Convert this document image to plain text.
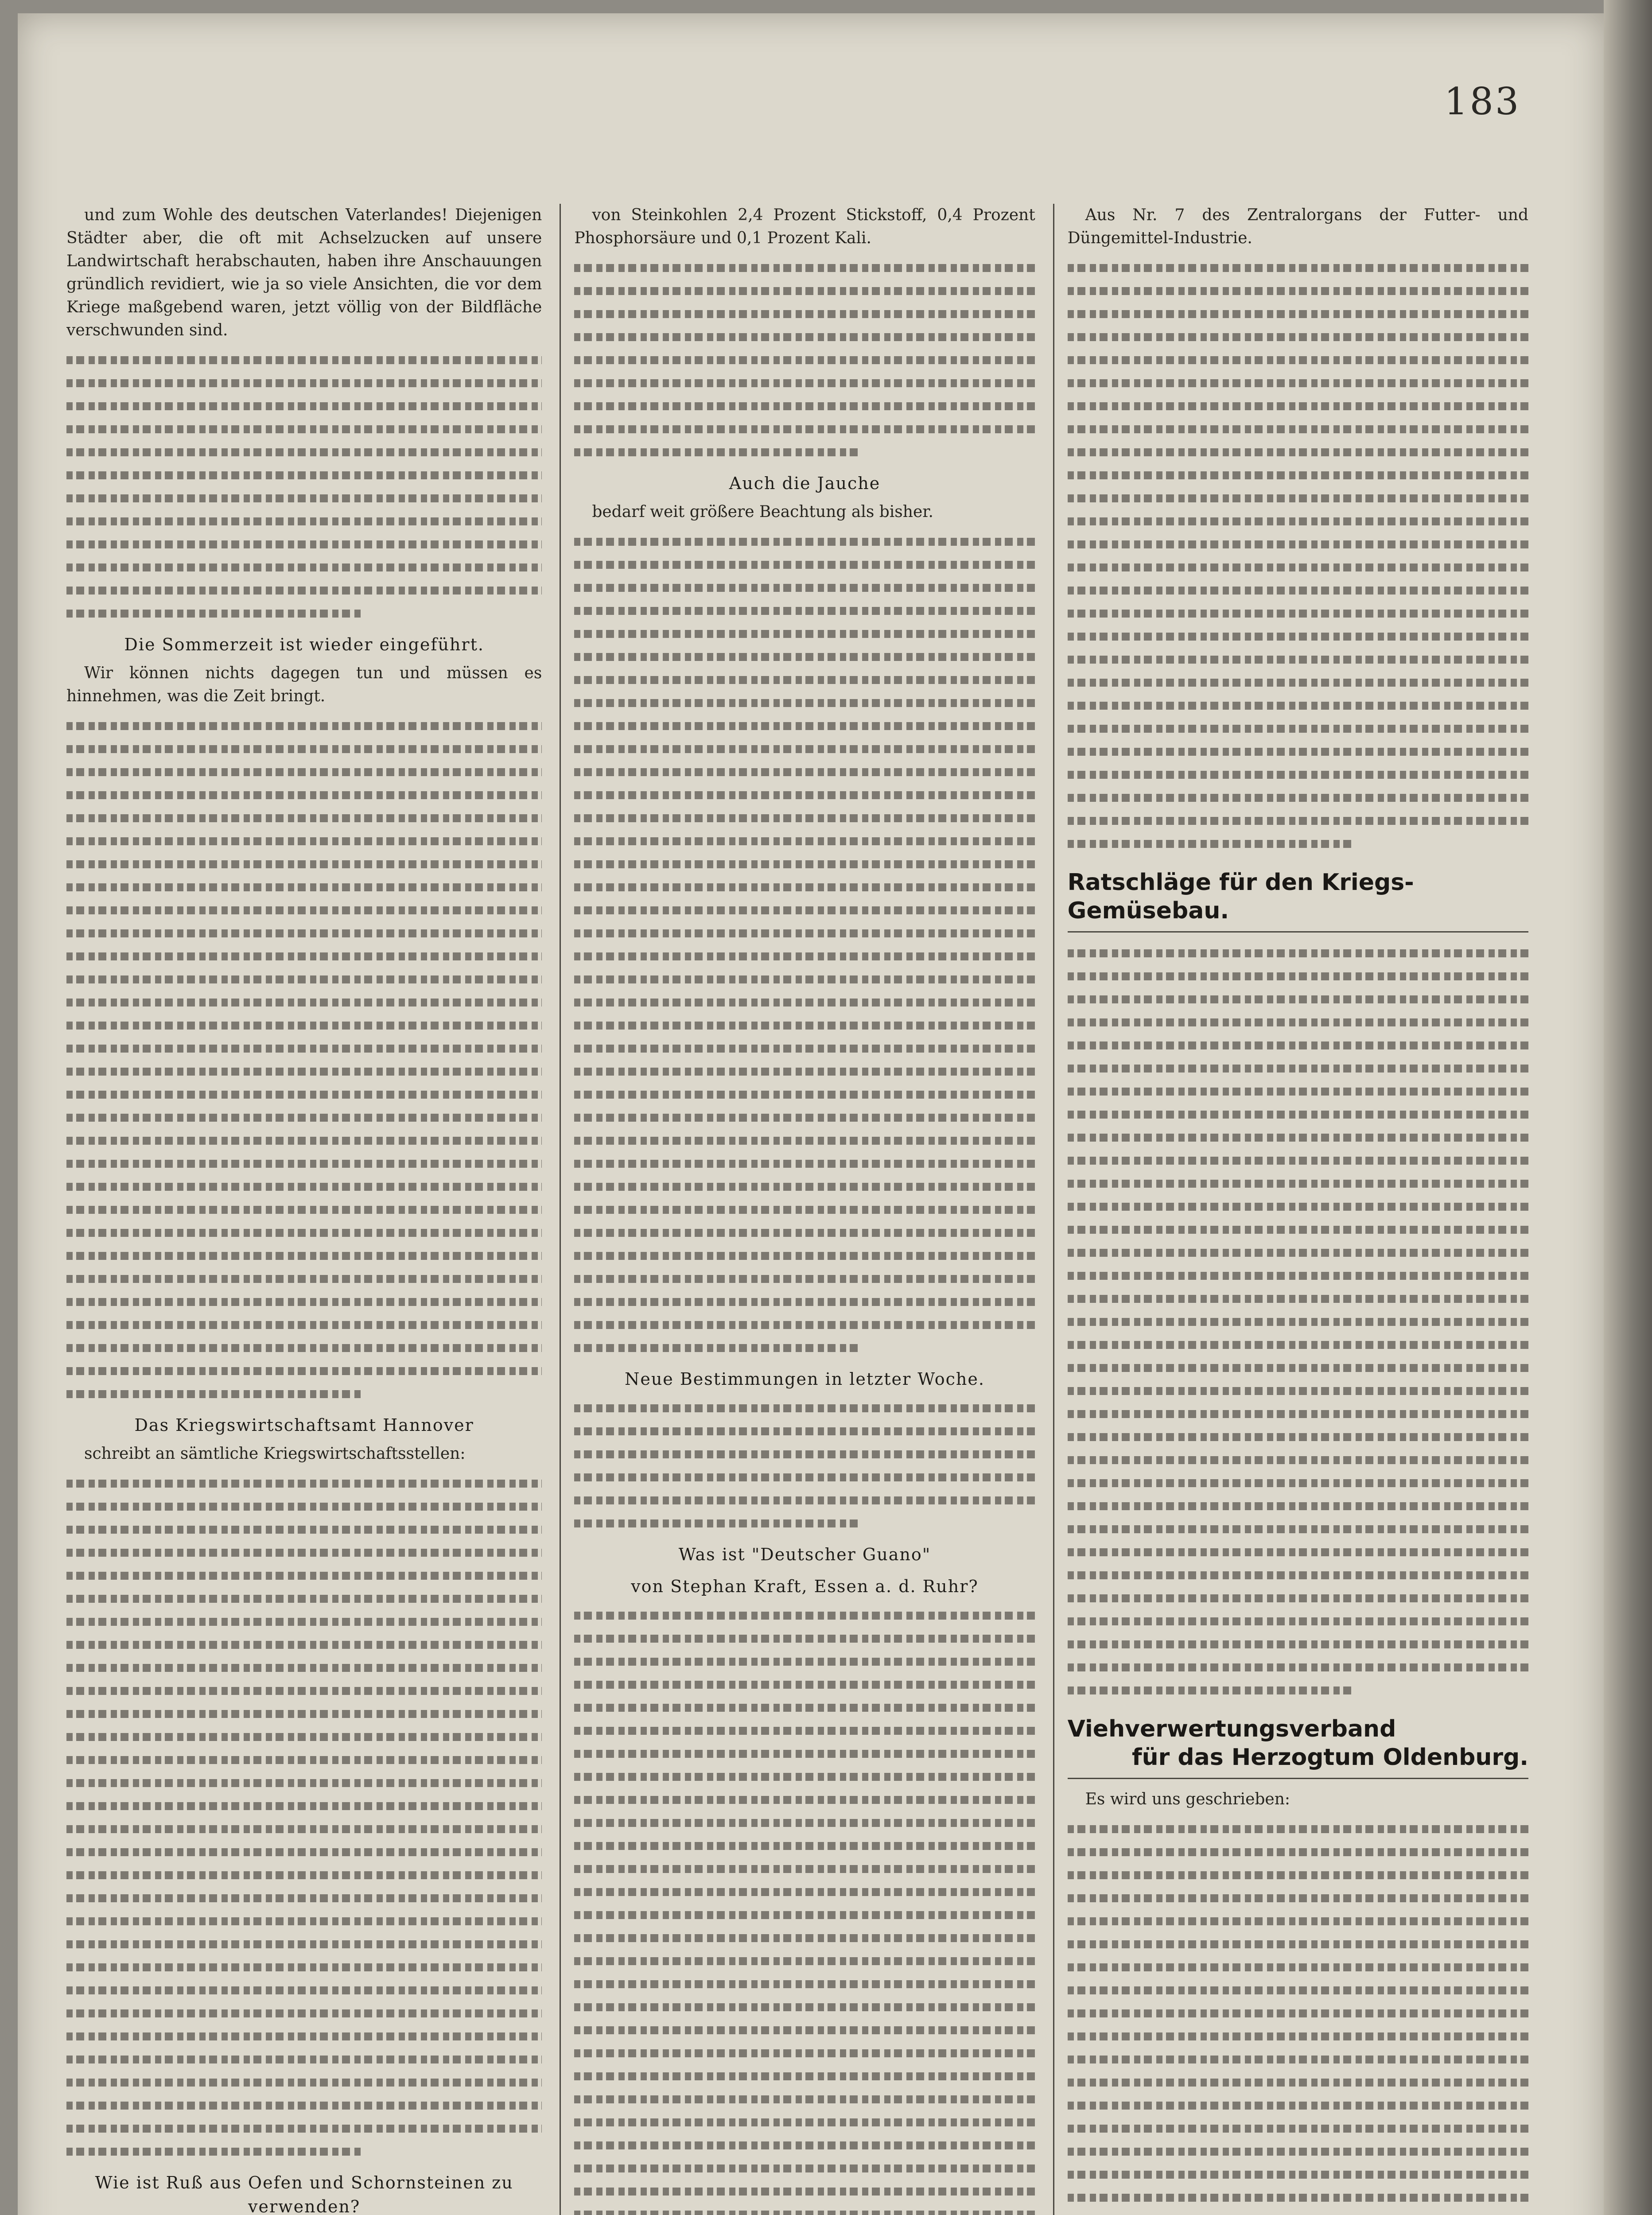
183

und zum Wohle des deutschen Vaterlandes! Diejenigen Städter aber, die oft mit Achselzucken auf unsere Landwirtschaft herabschauten, haben ihre Anschauungen gründlich revidiert, wie ja so viele Ansichten, die vor dem Kriege maßgebend waren, jetzt völlig von der Bildfläche verschwunden sind.

Die Sommerzeit ist wieder eingeführt.

Wir können nichts dagegen tun und müssen es hinnehmen, was die Zeit bringt.

Das Kriegswirtschaftsamt Hannover

schreibt an sämtliche Kriegswirtschaftsstellen:

Wie ist Ruß aus Oefen und Schornsteinen zu verwenden?

von Steinkohlen 2,4 Prozent Stickstoff, 0,4 Prozent Phosphorsäure und 0,1 Prozent Kali.

Auch die Jauche

bedarf weit größere Beachtung als bisher.

Neue Bestimmungen in letzter Woche.
Was ist "Deutscher Guano"
von Stephan Kraft, Essen a. d. Ruhr?

Aus Nr. 7 des Zentralorgans der Futter- und Düngemittel-Industrie.

Ratschläge für den Kriegs-Gemüsebau.
Viehverwertungsverband
für das Herzogtum Oldenburg.

Es wird uns geschrieben:
